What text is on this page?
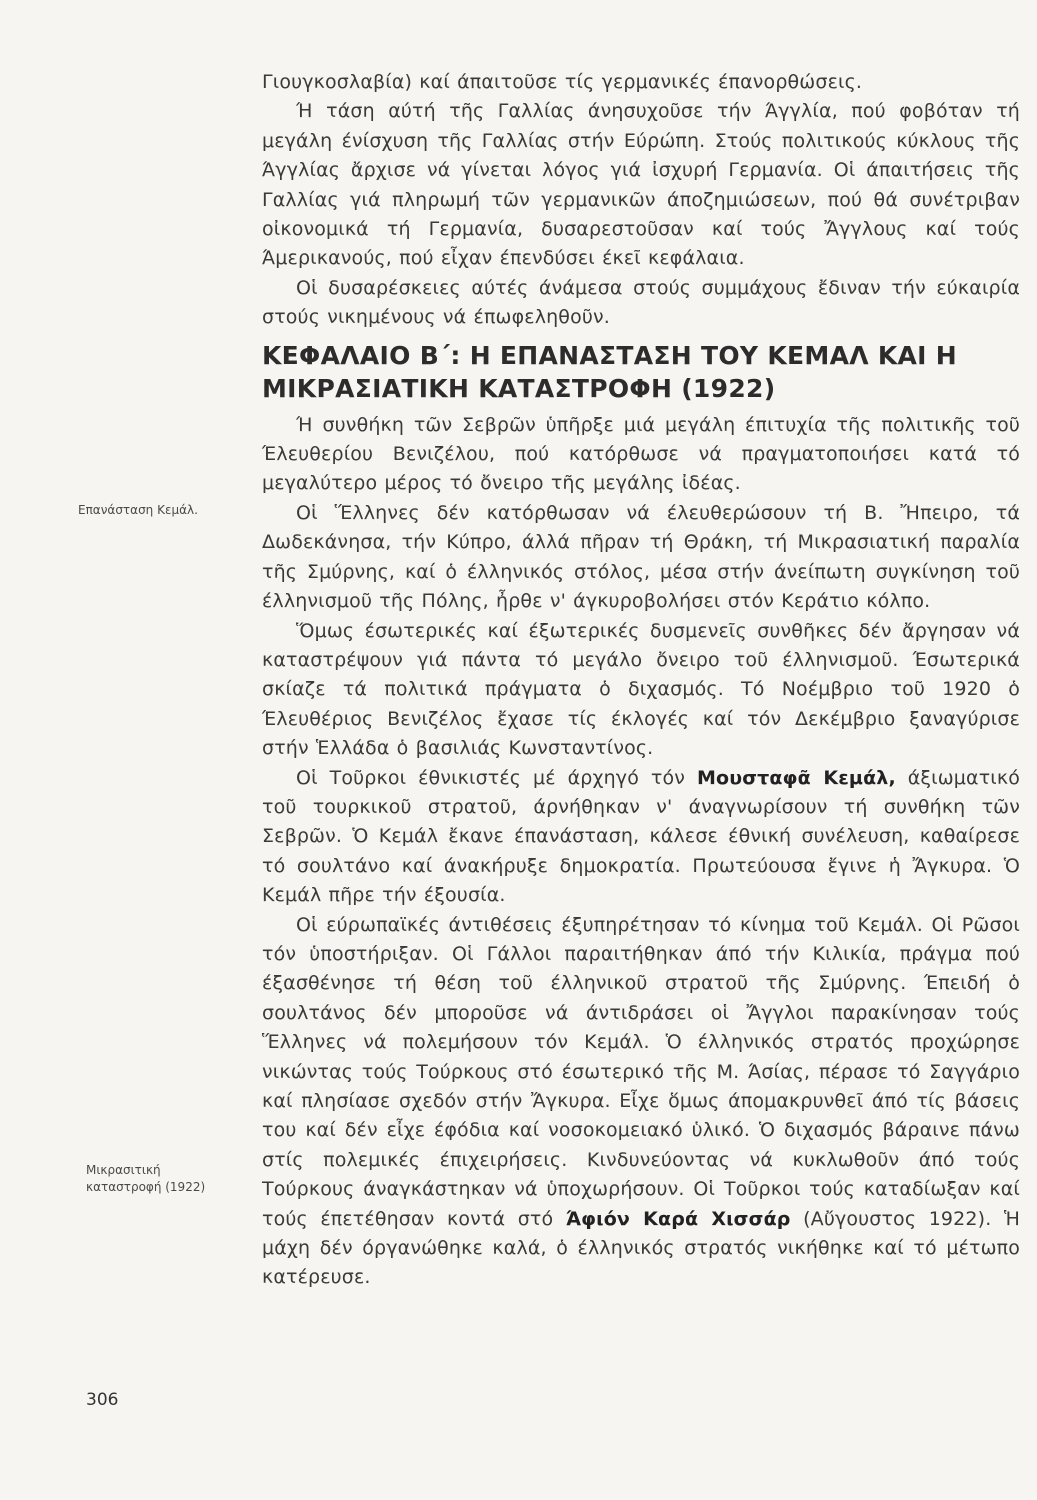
Επανάσταση Κεμάλ.
Μικρασιτική
καταστροφή (1922)

Γιουγκοσλαβία) καί άπαιτοῦσε τίς γερμανικές έπανορθώσεις.

Ή τάση αύτή τῆς Γαλλίας άνησυχοῦσε τήν Άγγλία, πού φοβόταν τή μεγάλη ένίσχυση τῆς Γαλλίας στήν Εύρώπη. Στούς πολιτικούς κύκλους τῆς Άγγλίας ἄρχισε νά γίνεται λόγος γιά ἰσχυρή Γερμανία. Οἱ άπαιτήσεις τῆς Γαλλίας γιά πληρωμή τῶν γερμανικῶν άποζημιώσεων, πού θά συνέτριβαν οἰκονομικά τή Γερμανία, δυσαρεστοῦσαν καί τούς Ἄγγλους καί τούς Άμερικανούς, πού εἶχαν έπενδύσει έκεῖ κεφάλαια.

Οἱ δυσαρέσκειες αύτές άνάμεσα στούς συμμάχους ἔδιναν τήν εύκαιρία στούς νικημένους νά έπωφεληθοῦν.

ΚΕΦΑΛΑΙΟ Β΄: Η ΕΠΑΝΑΣΤΑΣΗ ΤΟΥ ΚΕΜΑΛ ΚΑΙ Η ΜΙΚΡΑΣΙΑΤΙΚΗ ΚΑΤΑΣΤΡΟΦΗ (1922)

Ή συνθήκη τῶν Σεβρῶν ὑπῆρξε μιά μεγάλη έπιτυχία τῆς πολιτικῆς τοῦ Έλευθερίου Βενιζέλου, πού κατόρθωσε νά πραγματοποιήσει κατά τό μεγαλύτερο μέρος τό ὄνειρο τῆς μεγάλης ἰδέας.

Οἱ Ἕλληνες δέν κατόρθωσαν νά έλευθερώσουν τή Β. Ἤπειρο, τά Δωδεκάνησα, τήν Κύπρο, άλλά πῆραν τή Θράκη, τή Μικρασιατική παραλία τῆς Σμύρνης, καί ὁ έλληνικός στόλος, μέσα στήν άνείπωτη συγκίνηση τοῦ έλληνισμοῦ τῆς Πόλης, ἦρθε ν' άγκυροβολήσει στόν Κεράτιο κόλπο.

Ὅμως έσωτερικές καί έξωτερικές δυσμενεῖς συνθῆκες δέν ἄργησαν νά καταστρέψουν γιά πάντα τό μεγάλο ὄνειρο τοῦ έλληνισμοῦ. Έσωτερικά σκίαζε τά πολιτικά πράγματα ὁ διχασμός. Τό Νοέμβριο τοῦ 1920 ὁ Έλευθέριος Βενιζέλος ἔχασε τίς έκλογές καί τόν Δεκέμβριο ξαναγύρισε στήν Ἑλλάδα ὁ βασιλιάς Κωνσταντίνος.

Οἱ Τοῦρκοι έθνικιστές μέ άρχηγό τόν Μουσταφᾶ Κεμάλ, άξιωματικό τοῦ τουρκικοῦ στρατοῦ, άρνήθηκαν ν' άναγνωρίσουν τή συνθήκη τῶν Σεβρῶν. Ὁ Κεμάλ ἔκανε έπανάσταση, κάλεσε έθνική συνέλευση, καθαίρεσε τό σουλτάνο καί άνακήρυξε δημοκρατία. Πρωτεύουσα ἔγινε ἡ Ἄγκυρα. Ὁ Κεμάλ πῆρε τήν έξουσία.

Οἱ εύρωπαϊκές άντιθέσεις έξυπηρέτησαν τό κίνημα τοῦ Κεμάλ. Οἱ Ρῶσοι τόν ὑποστήριξαν. Οἱ Γάλλοι παραιτήθηκαν άπό τήν Κιλικία, πράγμα πού έξασθένησε τή θέση τοῦ έλληνικοῦ στρατοῦ τῆς Σμύρνης. Έπειδή ὁ σουλτάνος δέν μποροῦσε νά άντιδράσει οἱ Ἄγγλοι παρακίνησαν τούς Ἕλληνες νά πολεμήσουν τόν Κεμάλ. Ὁ έλληνικός στρατός προχώρησε νικώντας τούς Τούρκους στό έσωτερικό τῆς Μ. Άσίας, πέρασε τό Σαγγάριο καί πλησίασε σχεδόν στήν Ἄγκυρα. Εἶχε ὅμως άπομακρυνθεῖ άπό τίς βάσεις του καί δέν εἶχε έφόδια καί νοσοκομειακό ὑλικό. Ὁ διχασμός βάραινε πάνω στίς πολεμικές έπιχειρήσεις. Κινδυνεύοντας νά κυκλωθοῦν άπό τούς Τούρκους άναγκάστηκαν νά ὑποχωρήσουν. Οἱ Τοῦρκοι τούς καταδίωξαν καί τούς έπετέθησαν κοντά στό Άφιόν Καρά Χισσάρ (Αὔγουστος 1922). Ἡ μάχη δέν όργανώθηκε καλά, ὁ έλληνικός στρατός νικήθηκε καί τό μέτωπο κατέρευσε.

306
